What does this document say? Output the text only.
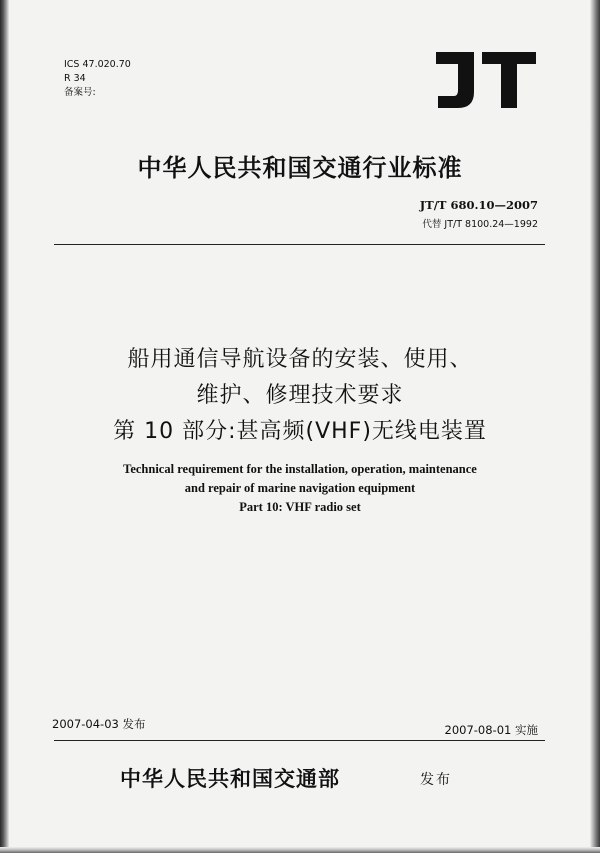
ICS 47.020.70
R 34
备案号:
中华人民共和国交通行业标准
JT/T 680.10—2007
代替 JT/T 8100.24—1992
船用通信导航设备的安装、使用、
维护、修理技术要求
第 10 部分:甚高频(VHF)无线电装置
Technical requirement for the installation, operation, maintenance
and repair of marine navigation equipment
Part 10: VHF radio set
2007-04-03 发布	2007-08-01 实施
中华人民共和国交通部	发布
